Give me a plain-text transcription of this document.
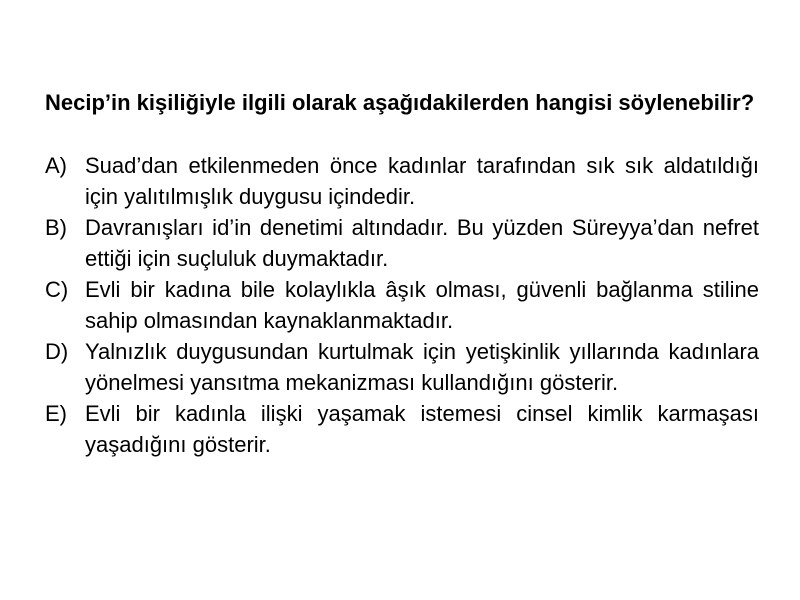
Necip’in kişiliğiyle ilgili olarak aşağıdakilerden hangisi söylenebilir?

A) Suad’dan etkilenmeden önce kadınlar tarafından sık sık aldatıldığı için yalıtılmışlık duygusu içindedir.
B) Davranışları id’in denetimi altındadır. Bu yüzden Süreyya’dan nefret ettiği için suçluluk duymaktadır.
C) Evli bir kadına bile kolaylıkla âşık olması, güvenli bağlanma stiline sahip olmasından kaynaklanmaktadır.
D) Yalnızlık duygusundan kurtulmak için yetişkinlik yıllarında kadınlara yönelmesi yansıtma mekanizması kullandığını gösterir.
E) Evli bir kadınla ilişki yaşamak istemesi cinsel kimlik karmaşası yaşadığını gösterir.
